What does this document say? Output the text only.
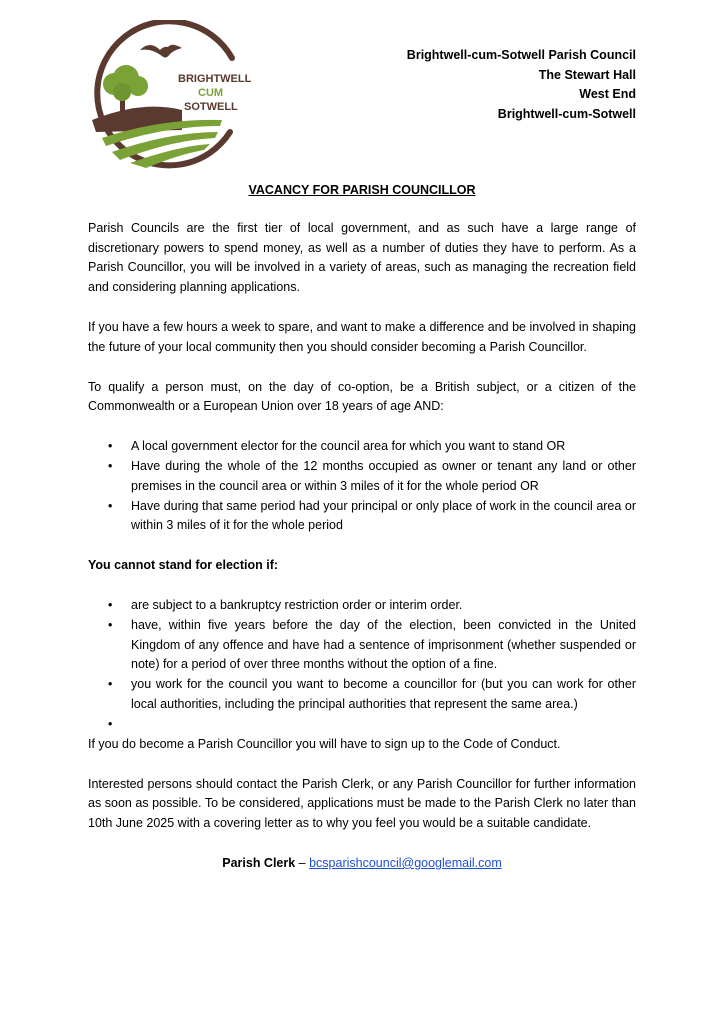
BRIGHTWELL
CUM
SOTWELL
Brightwell-cum-Sotwell Parish Council
The Stewart Hall
West End
Brightwell-cum-Sotwell
VACANCY FOR PARISH COUNCILLOR

Parish Councils are the first tier of local government, and as such have a large range of discretionary powers to spend money, as well as a number of duties they have to perform. As a Parish Councillor, you will be involved in a variety of areas, such as managing the recreation field and considering planning applications.

If you have a few hours a week to spare, and want to make a difference and be involved in shaping the future of your local community then you should consider becoming a Parish Councillor.

To qualify a person must, on the day of co-option, be a British subject, or a citizen of the Commonwealth or a European Union over 18 years of age AND:

• A local government elector for the council area for which you want to stand OR
• Have during the whole of the 12 months occupied as owner or tenant any land or other premises in the council area or within 3 miles of it for the whole period OR
• Have during that same period had your principal or only place of work in the council area or within 3 miles of it for the whole period

You cannot stand for election if:

• are subject to a bankruptcy restriction order or interim order.
• have, within five years before the day of the election, been convicted in the United Kingdom of any offence and have had a sentence of imprisonment (whether suspended or note) for a period of over three months without the option of a fine.
• you work for the council you want to become a councillor for (but you can work for other local authorities, including the principal authorities that represent the same area.)
•

If you do become a Parish Councillor you will have to sign up to the Code of Conduct.

Interested persons should contact the Parish Clerk, or any Parish Councillor for further information as soon as possible. To be considered, applications must be made to the Parish Clerk no later than 10th June 2025 with a covering letter as to why you feel you would be a suitable candidate.

Parish Clerk – bcsparishcouncil@googlemail.com
